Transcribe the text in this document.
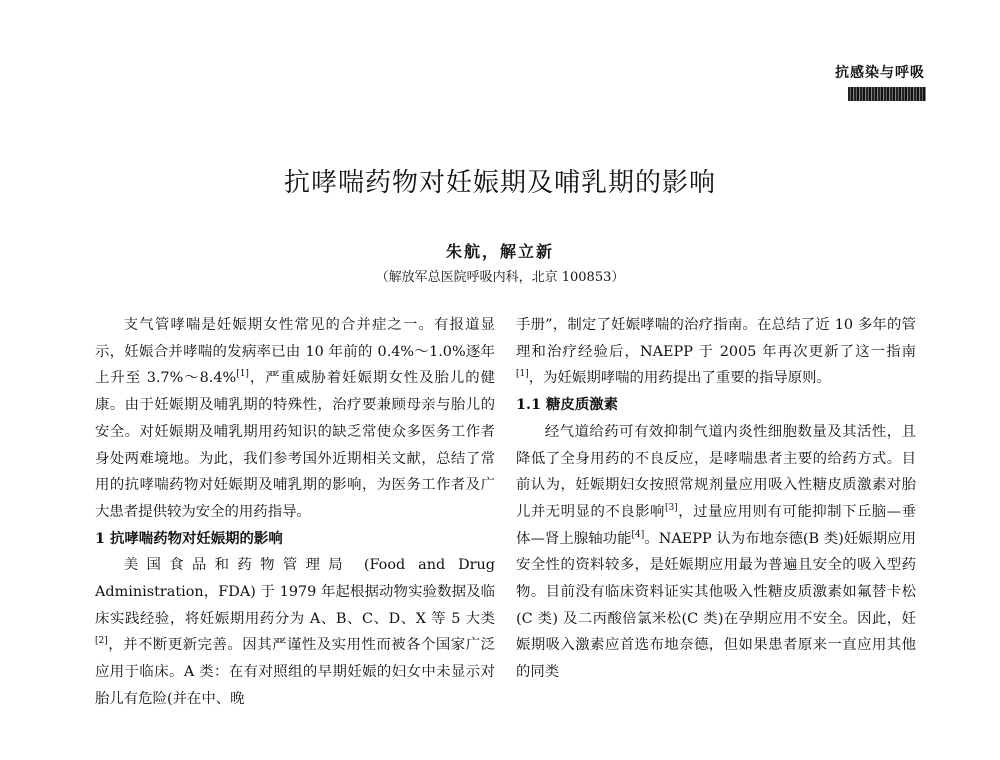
抗感染与呼吸
抗哮喘药物对妊娠期及哺乳期的影响
朱航，解立新
（解放军总医院呼吸内科，北京 100853）

支气管哮喘是妊娠期女性常见的合并症之一。有报道显示，妊娠合并哮喘的发病率已由 10 年前的 0.4%～1.0%逐年上升至 3.7%～8.4%[1]，严重威胁着妊娠期女性及胎儿的健康。由于妊娠期及哺乳期的特殊性，治疗要兼顾母亲与胎儿的安全。对妊娠期及哺乳期用药知识的缺乏常使众多医务工作者身处两难境地。为此，我们参考国外近期相关文献，总结了常用的抗哮喘药物对妊娠期及哺乳期的影响，为医务工作者及广大患者提供较为安全的用药指导。

1 抗哮喘药物对妊娠期的影响

美国食品和药物管理局 (Food and Drug Administration，FDA) 于 1979 年起根据动物实验数据及临床实践经验，将妊娠期用药分为 A、B、C、D、X 等 5 大类[2]，并不断更新完善。因其严谨性及实用性而被各个国家广泛应用于临床。A 类：在有对照组的早期妊娠的妇女中未显示对胎儿有危险(并在中、晚

手册”，制定了妊娠哮喘的治疗指南。在总结了近 10 多年的管理和治疗经验后，NAEPP 于 2005 年再次更新了这一指南[1]，为妊娠期哮喘的用药提出了重要的指导原则。

1.1 糖皮质激素

经气道给药可有效抑制气道内炎性细胞数量及其活性，且降低了全身用药的不良反应，是哮喘患者主要的给药方式。目前认为，妊娠期妇女按照常规剂量应用吸入性糖皮质激素对胎儿并无明显的不良影响[3]，过量应用则有可能抑制下丘脑—垂体—肾上腺轴功能[4]。NAEPP 认为布地奈德(B 类)妊娠期应用安全性的资料较多，是妊娠期应用最为普遍且安全的吸入型药物。目前没有临床资料证实其他吸入性糖皮质激素如氟替卡松 (C 类) 及二丙酸倍氯米松(C 类)在孕期应用不安全。因此，妊娠期吸入激素应首选布地奈德，但如果患者原来一直应用其他的同类
